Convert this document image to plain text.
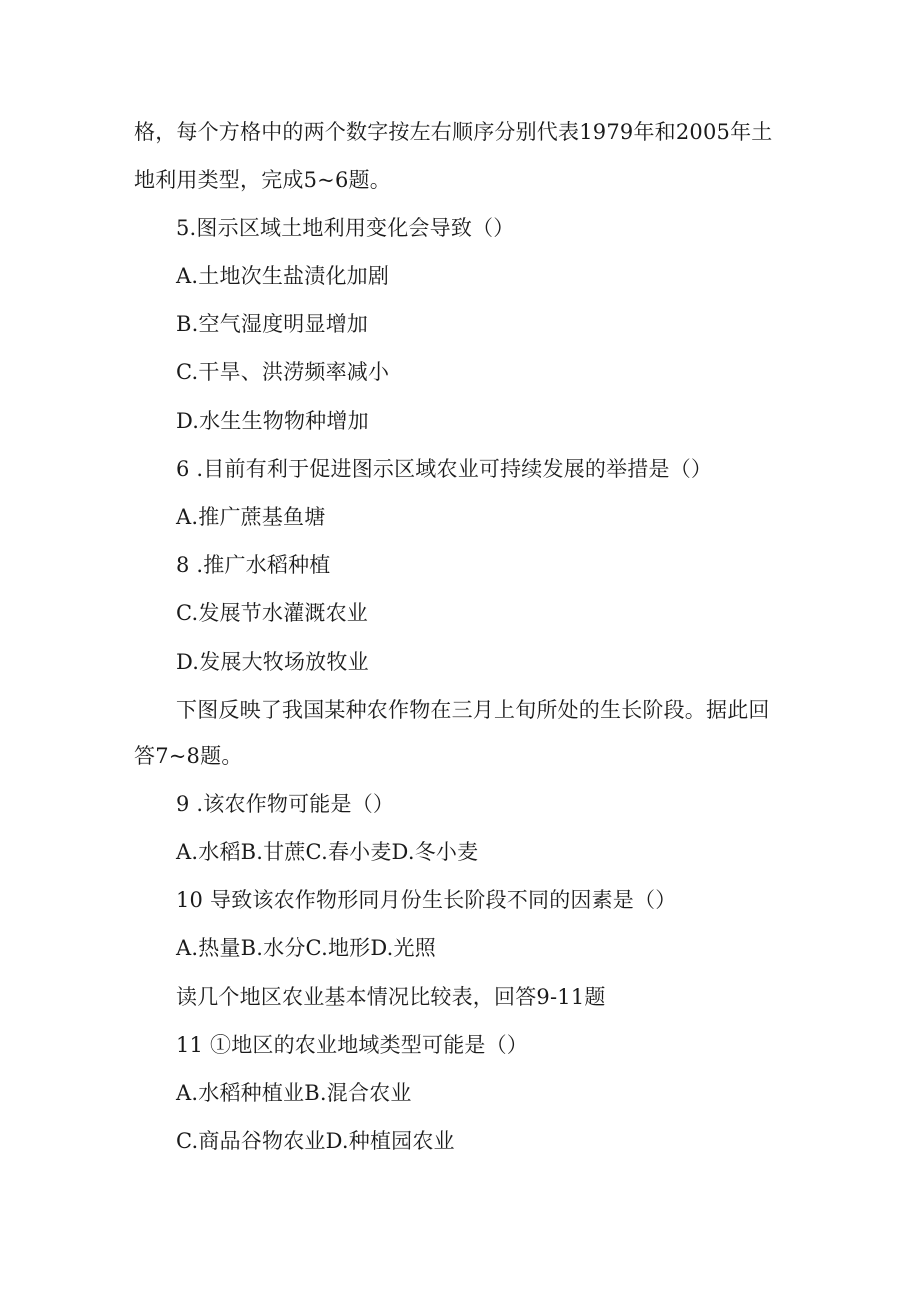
格，每个方格中的两个数字按左右顺序分别代表1979年和2005年土
地利用类型，完成5~6题。
5.图示区域土地利用变化会导致（）
A.土地次生盐渍化加剧
B.空气湿度明显增加
C.干旱、洪涝频率减小
D.水生生物物种增加
6 .目前有利于促进图示区域农业可持续发展的举措是（）
A.推广蔗基鱼塘
8 .推广水稻种植
C.发展节水灌溉农业
D.发展大牧场放牧业
下图反映了我国某种农作物在三月上旬所处的生长阶段。据此回
答7~8题。
9 .该农作物可能是（）
A.水稻B.甘蔗C.春小麦D.冬小麦
10 导致该农作物形同月份生长阶段不同的因素是（）
A.热量B.水分C.地形D.光照
读几个地区农业基本情况比较表，回答9-11题
11 ①地区的农业地域类型可能是（）
A.水稻种植业B.混合农业
C.商品谷物农业D.种植园农业
